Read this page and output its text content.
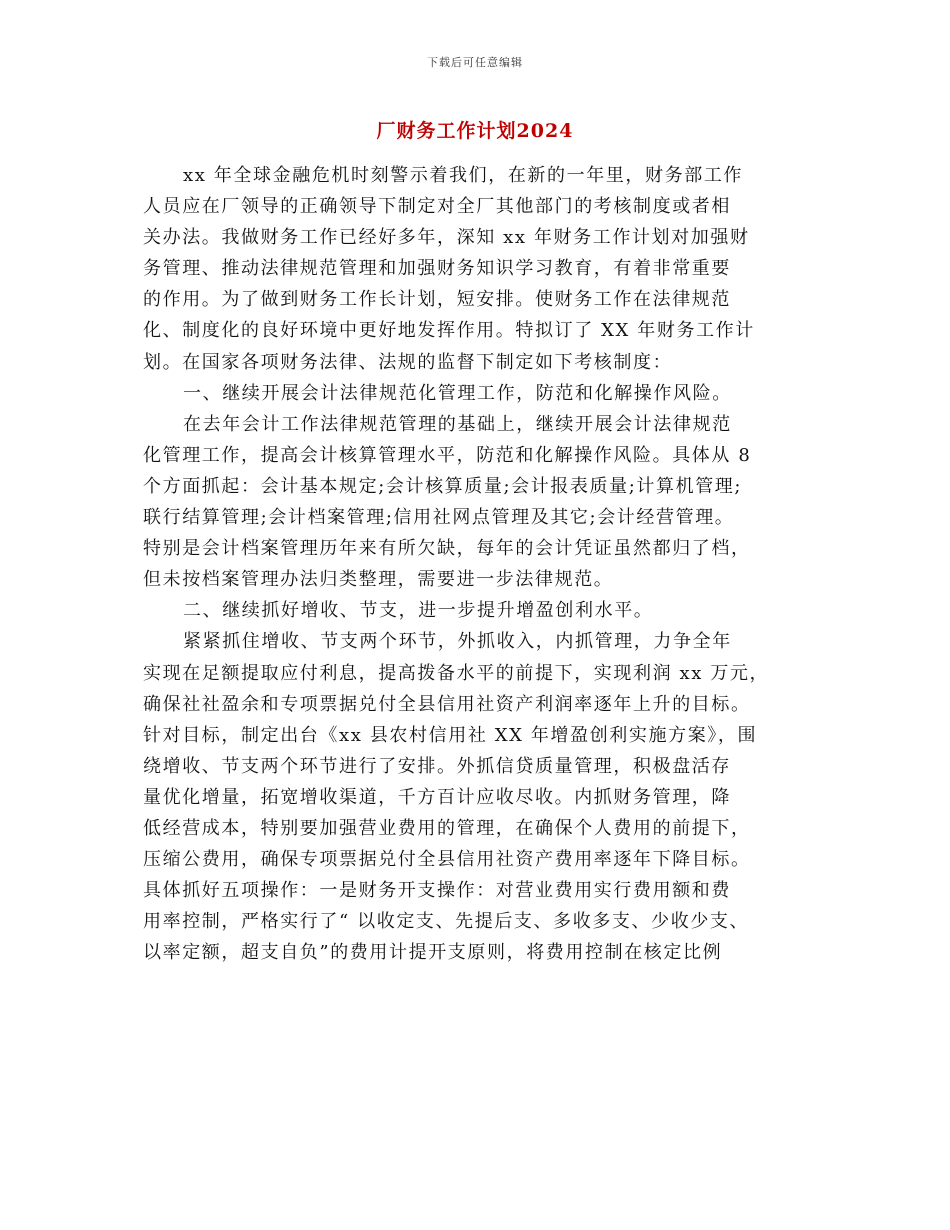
下载后可任意编辑
厂财务工作计划2024
xx 年全球金融危机时刻警示着我们，在新的一年里，财务部工作
人员应在厂领导的正确领导下制定对全厂其他部门的考核制度或者相
关办法。我做财务工作已经好多年，深知 xx 年财务工作计划对加强财
务管理、推动法律规范管理和加强财务知识学习教育，有着非常重要
的作用。为了做到财务工作长计划，短安排。使财务工作在法律规范
化、制度化的良好环境中更好地发挥作用。特拟订了 XX 年财务工作计
划。在国家各项财务法律、法规的监督下制定如下考核制度：
一、继续开展会计法律规范化管理工作，防范和化解操作风险。
在去年会计工作法律规范管理的基础上，继续开展会计法律规范
化管理工作，提高会计核算管理水平，防范和化解操作风险。具体从 8
个方面抓起：会计基本规定;会计核算质量;会计报表质量;计算机管理;
联行结算管理;会计档案管理;信用社网点管理及其它;会计经营管理。
特别是会计档案管理历年来有所欠缺，每年的会计凭证虽然都归了档，
但未按档案管理办法归类整理，需要进一步法律规范。
二、继续抓好增收、节支，进一步提升增盈创利水平。
紧紧抓住增收、节支两个环节，外抓收入，内抓管理，力争全年
实现在足额提取应付利息，提高拨备水平的前提下，实现利润 xx 万元，
确保社社盈余和专项票据兑付全县信用社资产利润率逐年上升的目标。
针对目标，制定出台《xx 县农村信用社 XX 年增盈创利实施方案》，围
绕增收、节支两个环节进行了安排。外抓信贷质量管理，积极盘活存
量优化增量，拓宽增收渠道，千方百计应收尽收。内抓财务管理，降
低经营成本，特别要加强营业费用的管理，在确保个人费用的前提下，
压缩公费用，确保专项票据兑付全县信用社资产费用率逐年下降目标。
具体抓好五项操作：一是财务开支操作：对营业费用实行费用额和费
用率控制，严格实行了“ 以收定支、先提后支、多收多支、少收少支、
以率定额，超支自负”的费用计提开支原则，将费用控制在核定比例
